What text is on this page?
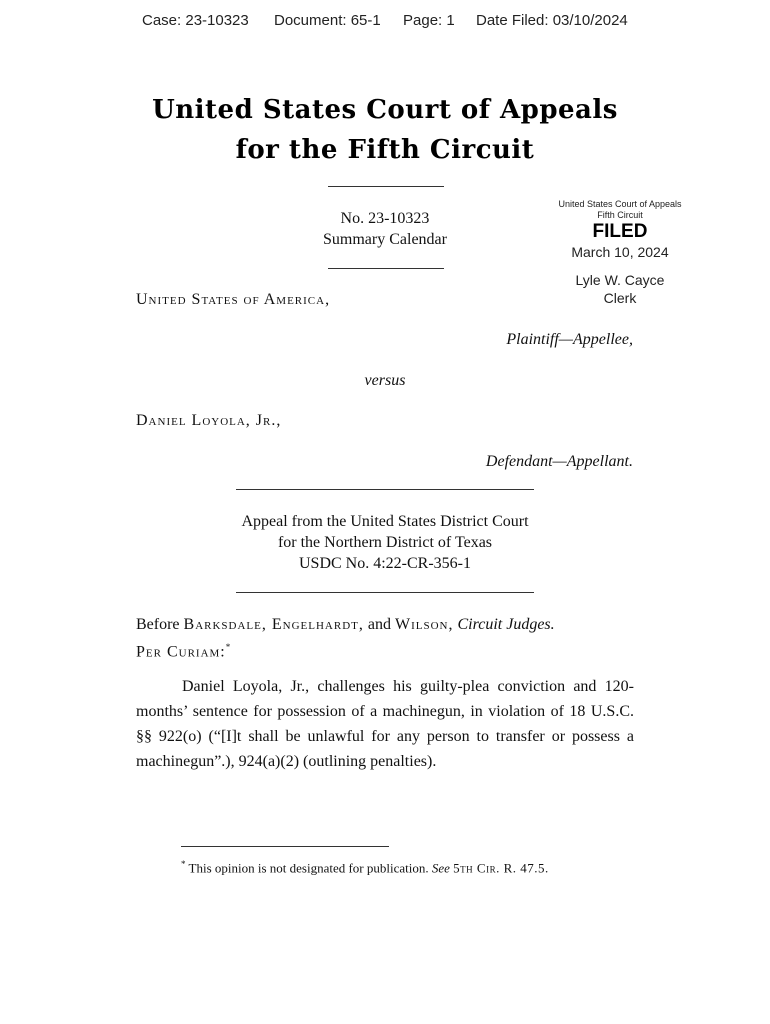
Case: 23-10323 Document: 65-1 Page: 1 Date Filed: 03/10/2024
United States Court of Appeals
for the Fifth Circuit
No. 23-10323
Summary Calendar
United States Court of Appeals
Fifth Circuit
FILED
March 10, 2024
Lyle W. Cayce
Clerk
United States of America,
Plaintiff—Appellee,
versus
Daniel Loyola, Jr.,
Defendant—Appellant.
Appeal from the United States District Court
for the Northern District of Texas
USDC No. 4:22-CR-356-1
Before Barksdale, Engelhardt, and Wilson, Circuit Judges.
Per Curiam:*
Daniel Loyola, Jr., challenges his guilty-plea conviction and 120-months’ sentence for possession of a machinegun, in violation of 18 U.S.C. §§ 922(o) (“[I]t shall be unlawful for any person to transfer or possess a machinegun”.), 924(a)(2) (outlining penalties).
* This opinion is not designated for publication. See 5th Cir. R. 47.5.
